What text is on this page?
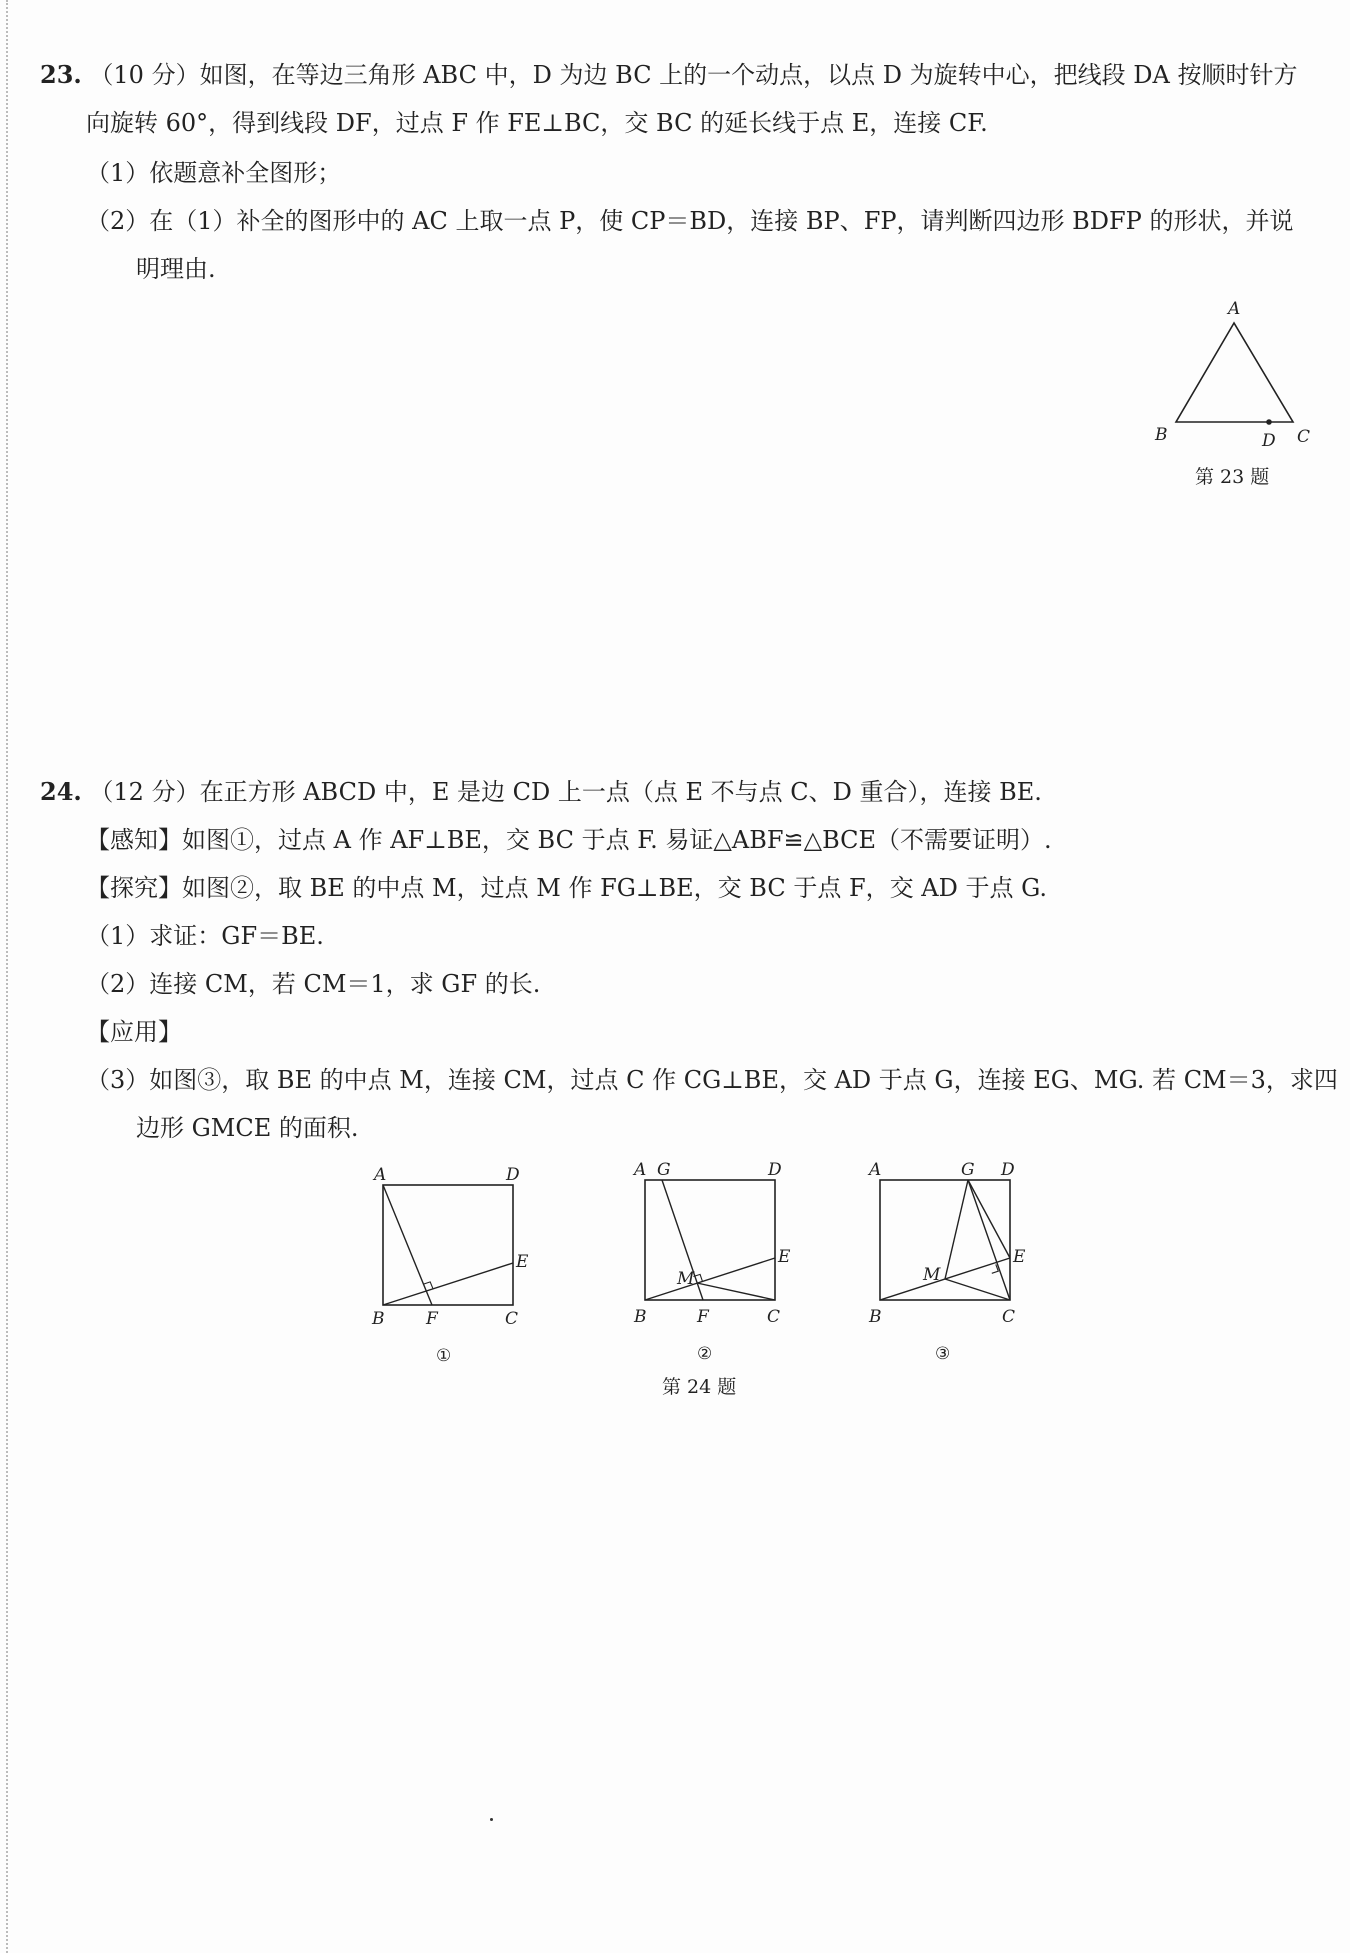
23. （10 分）如图，在等边三角形 ABC 中，D 为边 BC 上的一个动点，以点 D 为旋转中心，把线段 DA 按顺时针方
向旋转 60°，得到线段 DF，过点 F 作 FE⊥BC，交 BC 的延长线于点 E，连接 CF.
（1）依题意补全图形；
（2）在（1）补全的图形中的 AC 上取一点 P，使 CP＝BD，连接 BP、FP，请判断四边形 BDFP 的形状，并说
明理由.
A
B	D C
第 23 题
24. （12 分）在正方形 ABCD 中，E 是边 CD 上一点（点 E 不与点 C、D 重合），连接 BE.
【感知】如图①，过点 A 作 AF⊥BE，交 BC 于点 F. 易证△ABF≌△BCE（不需要证明）.
【探究】如图②，取 BE 的中点 M，过点 M 作 FG⊥BE，交 BC 于点 F，交 AD 于点 G.
（1）求证：GF＝BE.
（2）连接 CM，若 CM＝1，求 GF 的长.
【应用】
（3）如图③，取 BE 的中点 M，连接 CM，过点 C 作 CG⊥BE，交 AD 于点 G，连接 EG、MG. 若 CM＝3，求四
边形 GMCE 的面积.
A	D
E
B F	C
①
A G	D
E
M
B	F	C
②
A	G D
E
M
B	C
③
第 24 题
